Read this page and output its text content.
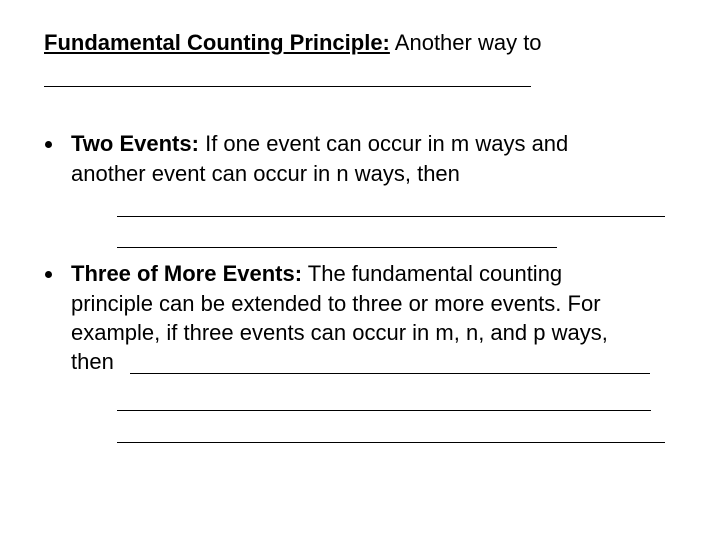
Fundamental Counting Principle: Another way to
Two Events: If one event can occur in m ways and
another event can occur in n ways, then
Three of More Events: The fundamental counting
principle can be extended to three or more events. For
example, if three events can occur in m, n, and p ways,
then
